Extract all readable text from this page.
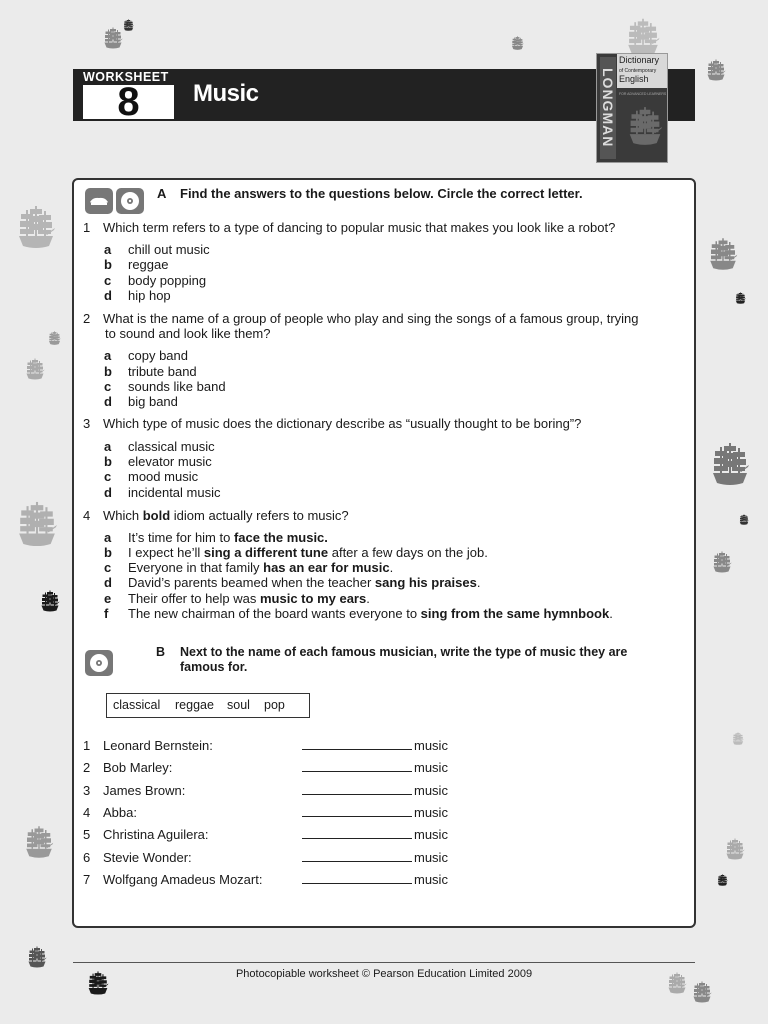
WORKSHEET
8	Music	LONGMAN
Dictionary
of Contemporary
English
FOR ADVANCED LEARNERS
A Find the answers to the questions below. Circle the correct letter.
1 Which term refers to a type of dancing to popular music that makes you look like a robot?
a chill out music
b reggae
c body popping
d hip hop
2 What is the name of a group of people who play and sing the songs of a famous group, trying
to sound and look like them?
a copy band
b tribute band
c sounds like band
d big band
3 Which type of music does the dictionary describe as “usually thought to be boring”?
a classical music
b elevator music
c mood music
d incidental music
4 Which bold idiom actually refers to music?
a It’s time for him to face the music.
b I expect he’ll sing a different tune after a few days on the job.
c Everyone in that family has an ear for music.
d David’s parents beamed when the teacher sang his praises.
e Their offer to help was music to my ears.
f The new chairman of the board wants everyone to sing from the same hymnbook.
B Next to the name of each famous musician, write the type of music they are
famous for.
classical reggae soul pop
1 Leonard Bernstein:	music
2 Bob Marley:	music
3 James Brown:	music
4 Abba:	music
5 Christina Aguilera:	music
6 Stevie Wonder:	music
7 Wolfgang Amadeus Mozart:	music
Photocopiable worksheet © Pearson Education Limited 2009
